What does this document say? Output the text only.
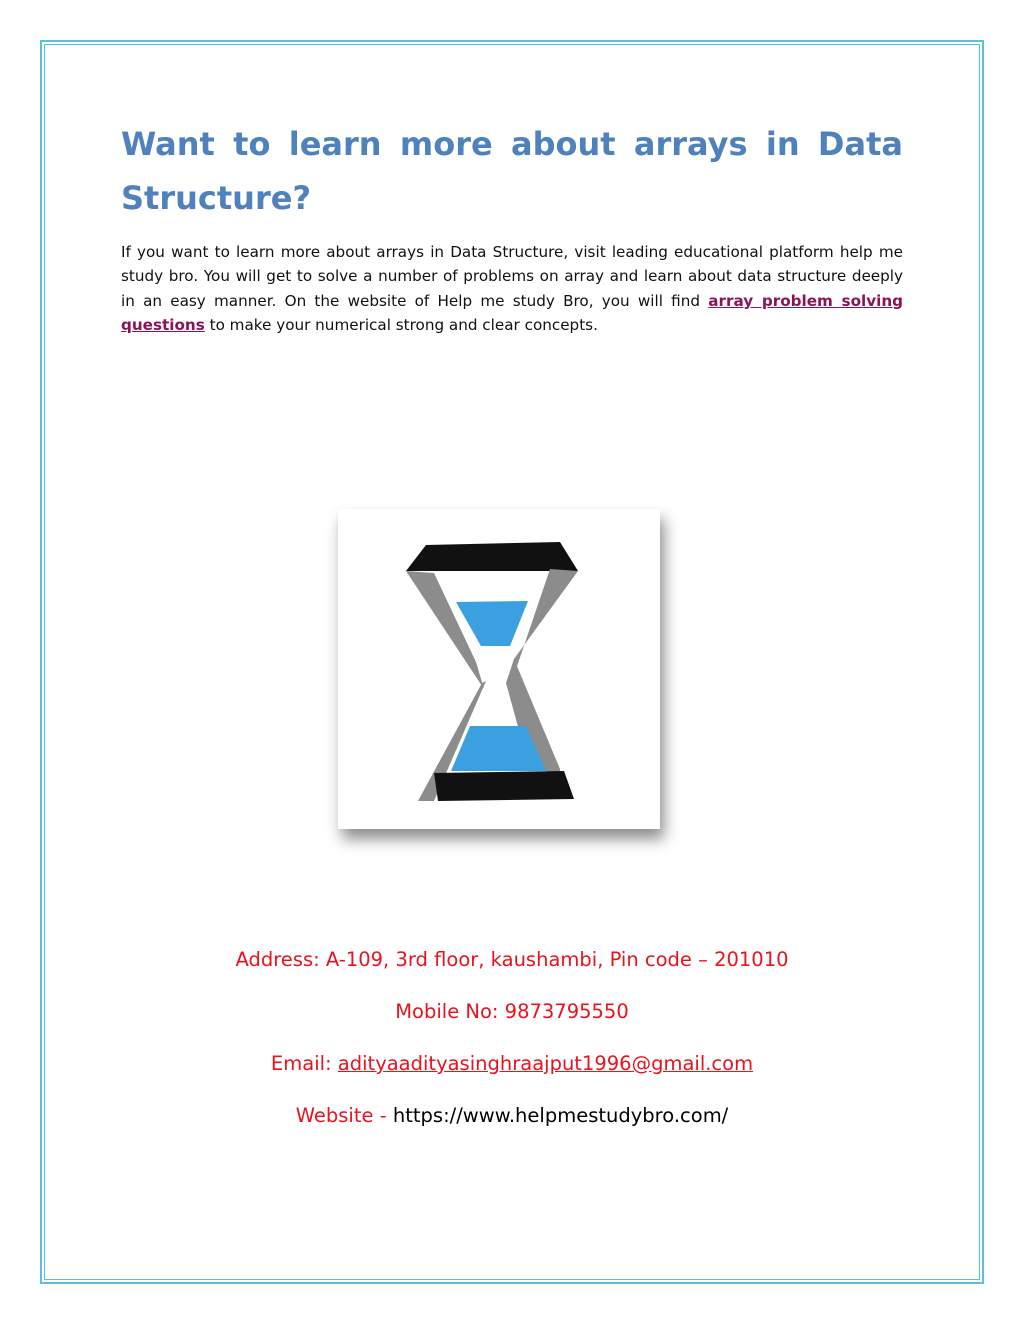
Want to learn more about arrays in Data
Structure?

If you want to learn more about arrays in Data Structure, visit leading educational platform help me study bro. You will get to solve a number of problems on array and learn about data structure deeply in an easy manner. On the website of Help me study Bro, you will find array problem solving questions to make your numerical strong and clear concepts.

Address: A-109, 3rd floor, kaushambi, Pin code – 201010

Mobile No: 9873795550

Email: adityaadityasinghraajput1996@gmail.com

Website - https://www.helpmestudybro.com/
